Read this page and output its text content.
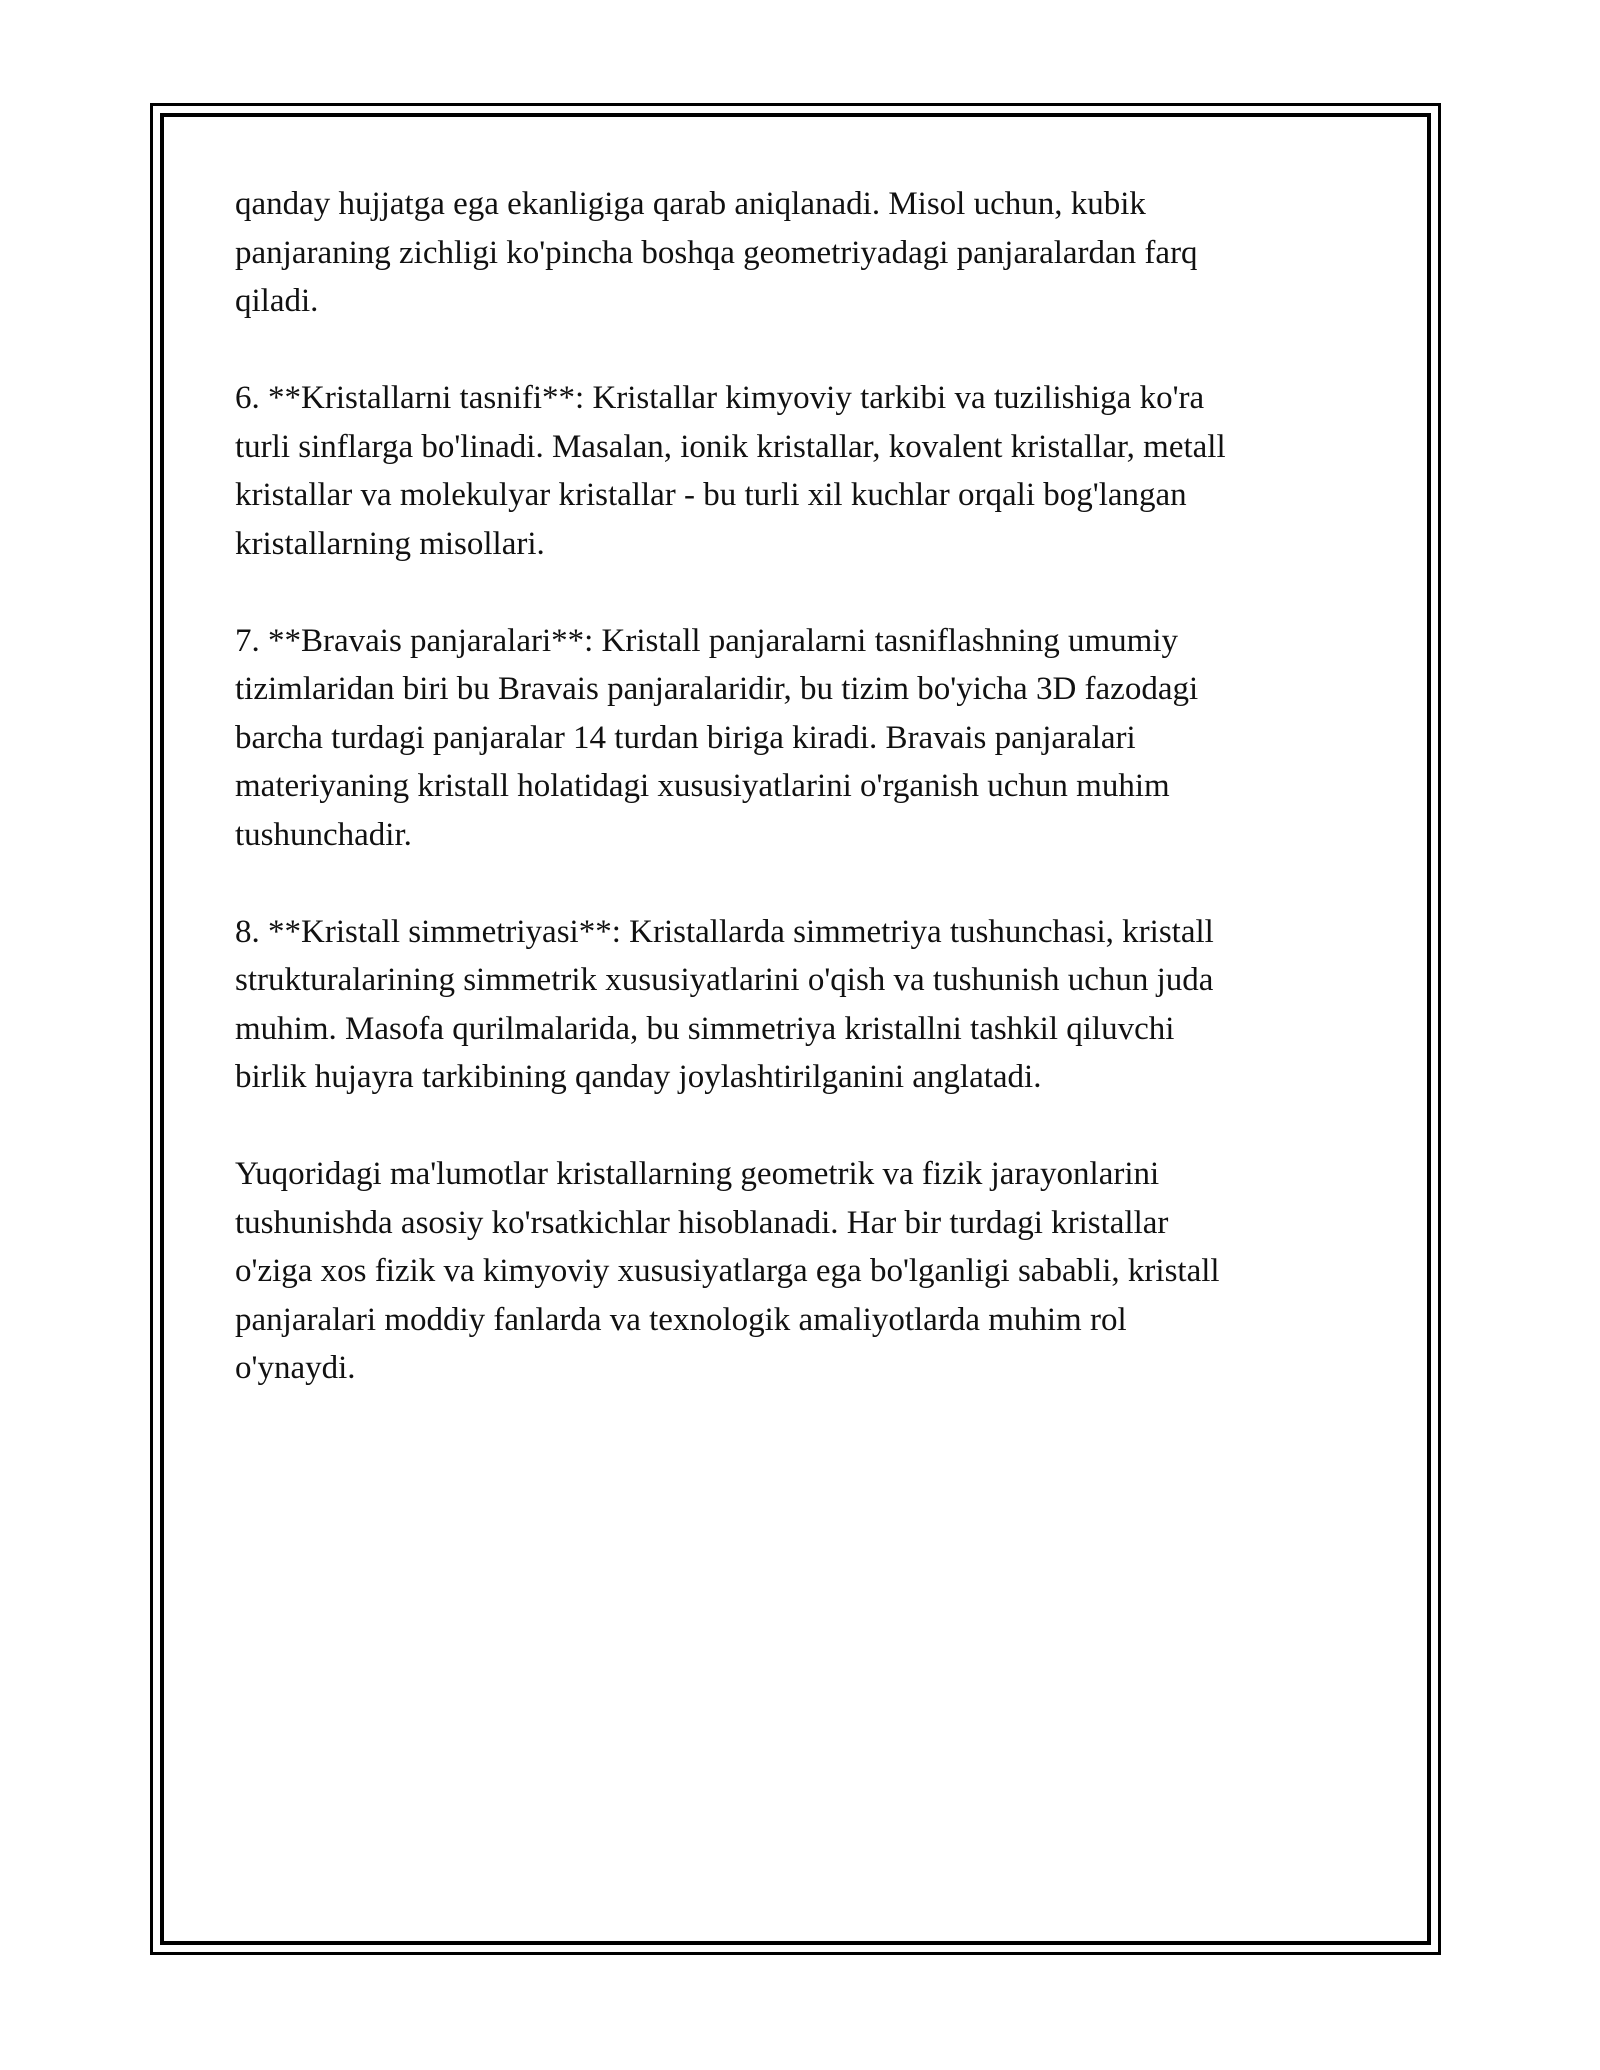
qanday hujjatga ega ekanligiga qarab aniqlanadi. Misol uchun, kubik
panjaraning zichligi ko'pincha boshqa geometriyadagi panjaralardan farq
qiladi.

6. **Kristallarni tasnifi**: Kristallar kimyoviy tarkibi va tuzilishiga ko'ra
turli sinflarga bo'linadi. Masalan, ionik kristallar, kovalent kristallar, metall
kristallar va molekulyar kristallar - bu turli xil kuchlar orqali bog'langan
kristallarning misollari.

7. **Bravais panjaralari**: Kristall panjaralarni tasniflashning umumiy
tizimlaridan biri bu Bravais panjaralaridir, bu tizim bo'yicha 3D fazodagi
barcha turdagi panjaralar 14 turdan biriga kiradi. Bravais panjaralari
materiyaning kristall holatidagi xususiyatlarini o'rganish uchun muhim
tushunchadir.

8. **Kristall simmetriyasi**: Kristallarda simmetriya tushunchasi, kristall
strukturalarining simmetrik xususiyatlarini o'qish va tushunish uchun juda
muhim. Masofa qurilmalarida, bu simmetriya kristallni tashkil qiluvchi
birlik hujayra tarkibining qanday joylashtirilganini anglatadi.

Yuqoridagi ma'lumotlar kristallarning geometrik va fizik jarayonlarini
tushunishda asosiy ko'rsatkichlar hisoblanadi. Har bir turdagi kristallar
o'ziga xos fizik va kimyoviy xususiyatlarga ega bo'lganligi sababli, kristall
panjaralari moddiy fanlarda va texnologik amaliyotlarda muhim rol
o'ynaydi.
